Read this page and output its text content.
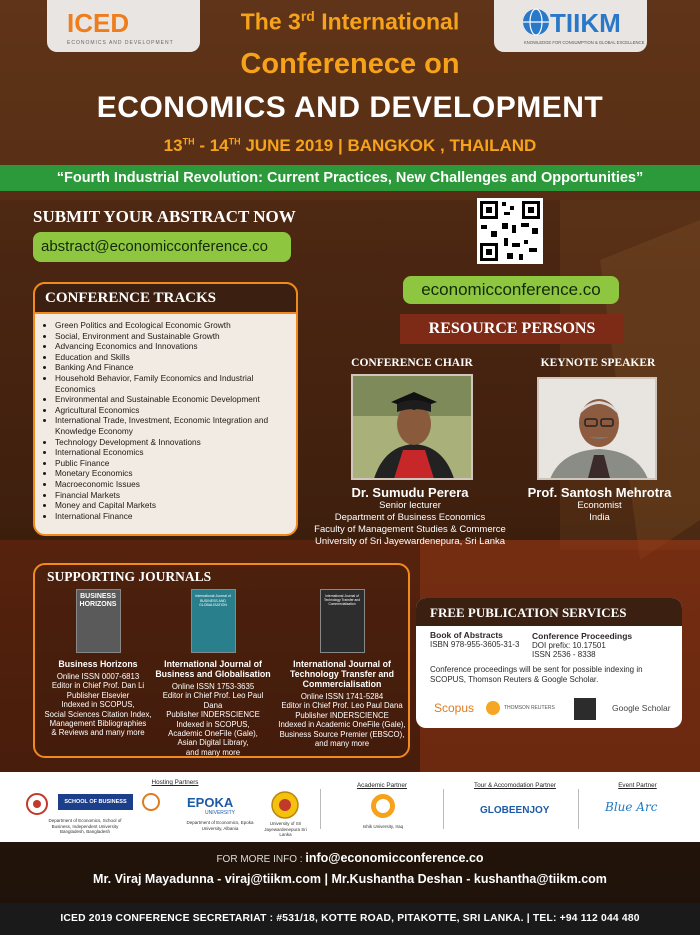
ICED
ECONOMICS AND DEVELOPMENT
TIIKM
KNOWLEDGE FOR CONSUMPTION & GLOBAL EXCELLENCE
The 3rd International
Conferenece on
ECONOMICS AND DEVELOPMENT
13TH - 14TH JUNE 2019 | BANGKOK , THAILAND
“Fourth Industrial Revolution: Current Practices, New Challenges and Opportunities”
SUBMIT YOUR ABSTRACT NOW
abstract@economicconference.co
economicconference.co
CONFERENCE TRACKS
• Green Politics and Ecological Economic Growth
• Social, Environment and Sustainable Growth
• Advancing Economics and Innovations
• Education and Skills
• Banking And Finance
• Household Behavior, Family Economics and Industrial Economics
• Environmental and Sustainable Economic Development
• Agricultural Economics
• International Trade, Investment, Economic Integration and Knowledge Economy
• Technology Development & Innovations
• International Economics
• Public Finance
• Monetary Economics
• Macroeconomic Issues
• Financial Markets
• Money and Capital Markets
• International Finance
RESOURCE PERSONS
CONFERENCE CHAIR	KEYNOTE SPEAKER
Dr. Sumudu Perera
Senior lecturer
Department of Business Economics
Faculty of Management Studies & Commerce
University of Sri Jayewardenepura, Sri Lanka
Prof. Santosh Mehrotra
Economist
India
SUPPORTING JOURNALS
BUSINESS HORIZONS
Business Horizons
Online ISSN 0007-6813
Editor in Chief Prof. Dan Li
Publisher Elsevier
Indexed in SCOPUS,
Social Sciences Citation Index,
Management Bibliographies
& Reviews and many more
International Journal of BUSINESS AND GLOBALISATION
International Journal of Business and Globalisation
Online ISSN 1753-3635
Editor in Chief Prof. Leo Paul Dana
Publisher INDERSCIENCE
Indexed in SCOPUS,
Academic OneFile (Gale),
Asian Digital Library,
and many more
International Journal of Technology Transfer and Commercialisation
International Journal of Technology Transfer and Commercialisation
Online ISSN 1741-5284
Editor in Chief Prof. Leo Paul Dana
Publisher INDERSCIENCE
Indexed in Academic OneFile (Gale),
Business Source Premier (EBSCO),
and many more
FREE PUBLICATION SERVICES
Book of Abstracts
ISBN 978-955-3605-31-3
Conference Proceedings
DOI prefix: 10.17501
ISSN 2536 - 8338
Conference proceedings will be sent for possible indexing in SCOPUS, Thomson Reuters & Google Scholar.
Scopus	THOMSON REUTERS	Google Scholar
Hosting Partners
SCHOOL OF BUSINESS
Department of Economics, School of Business, Independent University Bangladesh, Bangladesh
EPOKA
UNIVERSITY
Department of Economics, Epoka University, Albania
University of Sri Jayewardenepura Sri Lanka
Academic Partner
Ishik University, Iraq
Tour & Accomodation Partner
GLOBEENJOY
Event Partner
Blue Arc
FOR MORE INFO : info@economicconference.co
Mr. Viraj Mayadunna - viraj@tiikm.com | Mr.Kushantha Deshan - kushantha@tiikm.com
ICED 2019 CONFERENCE SECRETARIAT : #531/18, KOTTE ROAD, PITAKOTTE, SRI LANKA. | TEL: +94 112 044 480
